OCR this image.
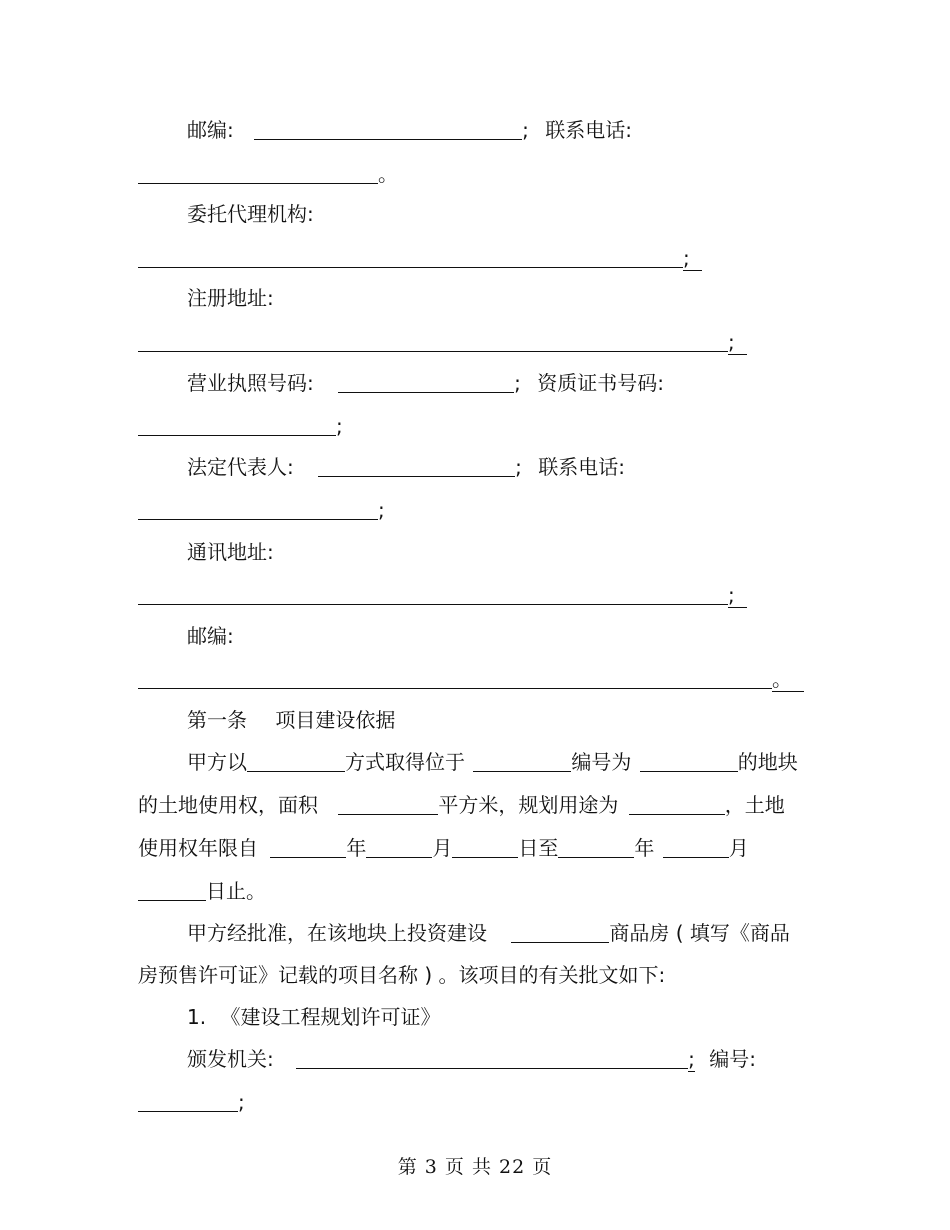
邮编:	; 联系电话:
。
委托代理机构:
;
注册地址:
;
营业执照号码:	; 资质证书号码:
;
法定代表人:	; 联系电话:
;
通讯地址:
;
邮编:
。
第一条 项目建设依据
甲方以	方式取得位于	编号为	的地块
的土地使用权，面积	平方米，规划用途为	，土地
使用权年限自	年	月	日至	年	月
日止。
甲方经批准，在该地块上投资建设	商品房 ( 填写《商品
房预售许可证》记载的项目名称 ) 。该项目的有关批文如下:
1. 《建设工程规划许可证》
颁发机关:	; 编号:
;
第 3 页 共 22 页
